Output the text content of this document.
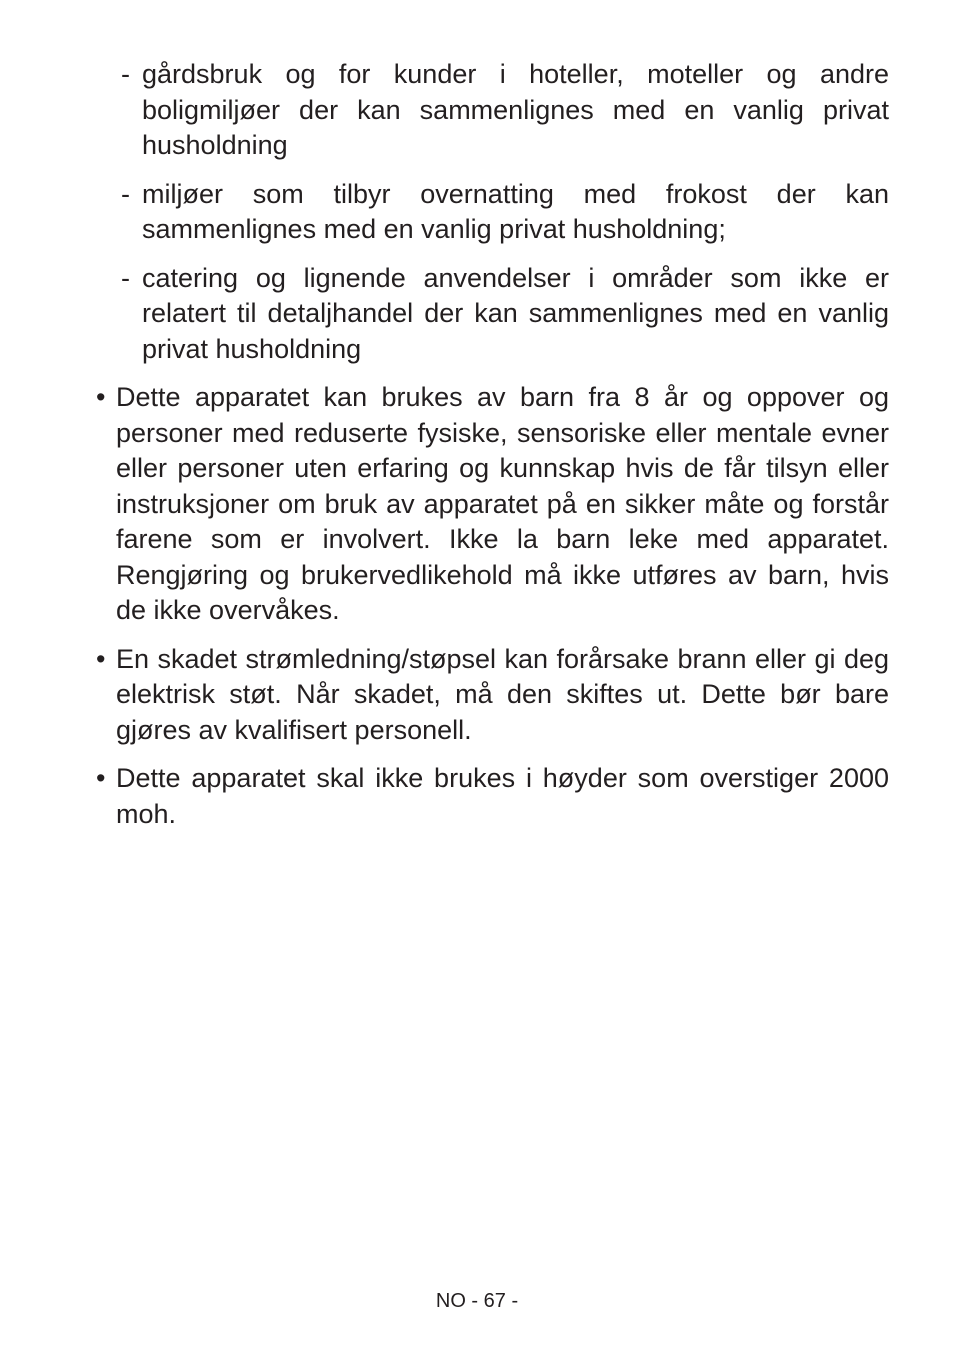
- gårdsbruk og for kunder i hoteller, moteller og andre boligmiljøer der kan sammenlignes med en vanlig privat husholdning
- miljøer som tilbyr overnatting med frokost der kan sammenlignes med en vanlig privat husholdning;
- catering og lignende anvendelser i områder som ikke er relatert til detaljhandel der kan sammenlignes med en vanlig privat husholdning
• Dette apparatet kan brukes av barn fra 8 år og oppover og personer med reduserte fysiske, sensoriske eller mentale evner eller personer uten erfaring og kunnskap hvis de får tilsyn eller instruksjoner om bruk av apparatet på en sikker måte og forstår farene som er involvert. Ikke la barn leke med apparatet. Rengjøring og brukervedlikehold må ikke utføres av barn, hvis de ikke overvåkes.
• En skadet strømledning/støpsel kan forårsake brann eller gi deg elektrisk støt. Når skadet, må den skiftes ut. Dette bør bare gjøres av kvalifisert personell.
• Dette apparatet skal ikke brukes i høyder som overstiger 2000 moh.
NO - 67 -
